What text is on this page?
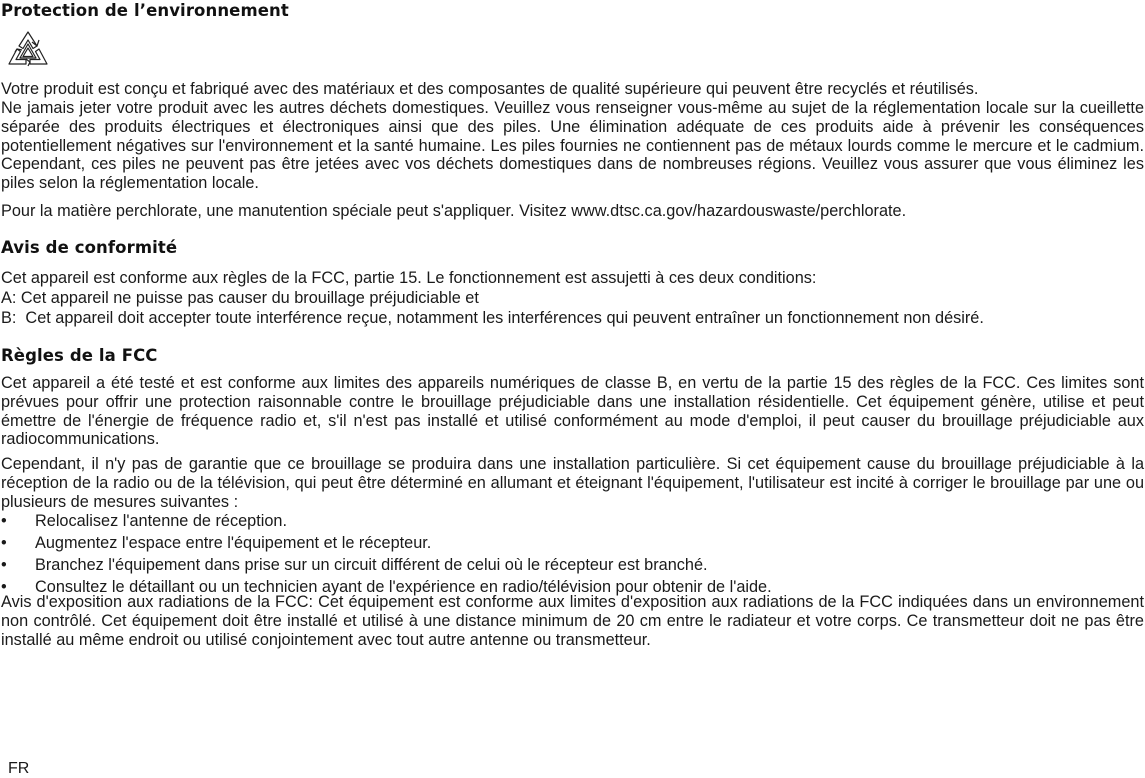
Protection de l’environnement

Votre produit est conçu et fabriqué avec des matériaux et des composantes de qualité supérieure qui peuvent être recyclés et réutilisés.

Ne jamais jeter votre produit avec les autres déchets domestiques. Veuillez vous renseigner vous-même au sujet de la réglementation locale sur la cueillette séparée des produits électriques et électroniques ainsi que des piles. Une élimination adéquate de ces produits aide à prévenir les conséquences potentiellement négatives sur l'environnement et la santé humaine. Les piles fournies ne contiennent pas de métaux lourds comme le mercure et le cadmium. Cependant, ces piles ne peuvent pas être jetées avec vos déchets domestiques dans de nombreuses régions. Veuillez vous assurer que vous éliminez les piles selon la réglementation locale.

Pour la matière perchlorate, une manutention spéciale peut s'appliquer. Visitez www.dtsc.ca.gov/hazardouswaste/perchlorate.

Avis de conformité

Cet appareil est conforme aux règles de la FCC, partie 15. Le fonctionnement est assujetti à ces deux conditions:

A: Cet appareil ne puisse pas causer du brouillage préjudiciable et

B:  Cet appareil doit accepter toute interférence reçue, notamment les interférences qui peuvent entraîner un fonctionnement non désiré.

Règles de la FCC

Cet appareil a été testé et est conforme aux limites des appareils numériques de classe B, en vertu de la partie 15 des règles de la FCC. Ces limites sont prévues pour offrir une protection raisonnable contre le brouillage préjudiciable dans une installation résidentielle. Cet équipement génère, utilise et peut émettre de l'énergie de fréquence radio et, s'il n'est pas installé et utilisé conformément au mode d'emploi, il peut causer du brouillage préjudiciable aux radiocommunications.

Cependant, il n'y pas de garantie que ce brouillage se produira dans une installation particulière. Si cet équipement cause du brouillage préjudiciable à la réception de la radio ou de la télévision, qui peut être déterminé en allumant et éteignant l'équipement, l'utilisateur est incité à corriger le brouillage par une ou plusieurs de mesures suivantes :

• Relocalisez l'antenne de réception.
• Augmentez l'espace entre l'équipement et le récepteur.
• Branchez l'équipement dans prise sur un circuit différent de celui où le récepteur est branché.
• Consultez le détaillant ou un technicien ayant de l'expérience en radio/télévision pour obtenir de l'aide.

Avis d'exposition aux radiations de la FCC: Cet équipement est conforme aux limites d'exposition aux radiations de la FCC indiquées dans un environnement non contrôlé. Cet équipement doit être installé et utilisé à une distance minimum de 20 cm entre le radiateur et votre corps. Ce transmetteur doit ne pas être installé au même endroit ou utilisé conjointement avec tout autre antenne ou transmetteur.

FR
